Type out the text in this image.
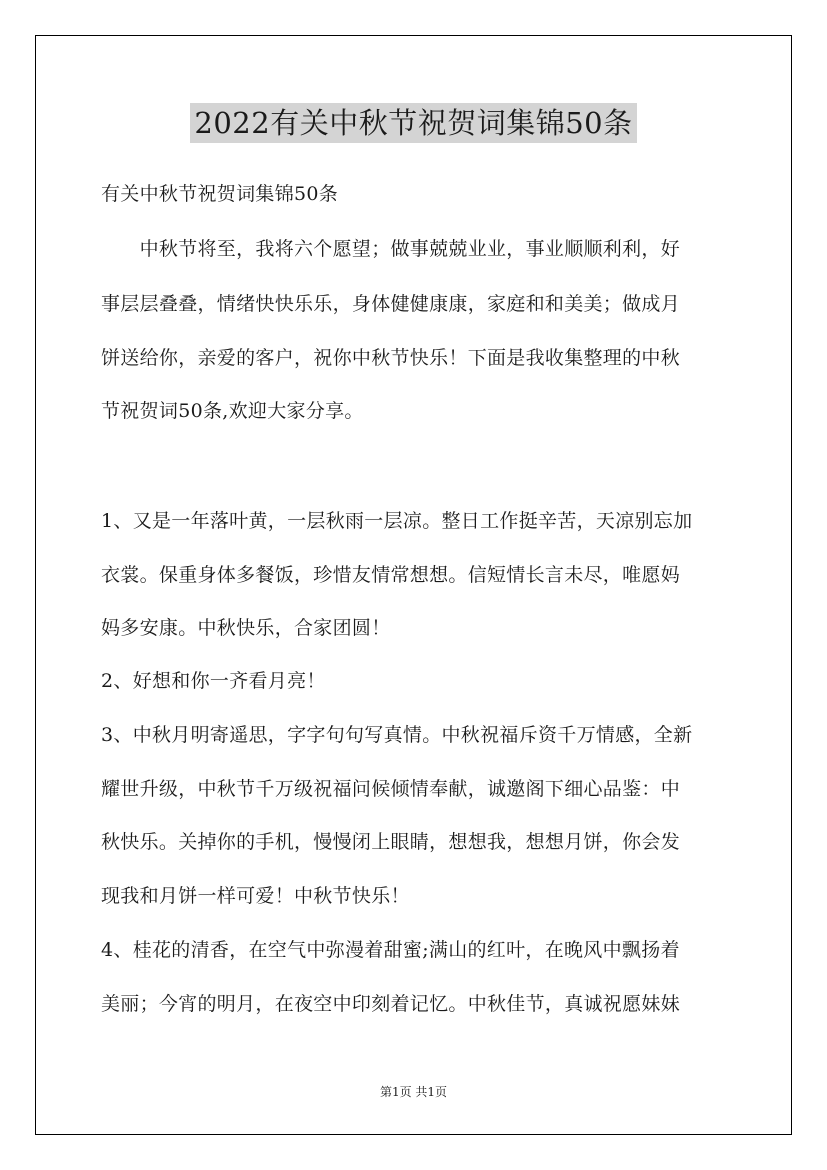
2022有关中秋节祝贺词集锦50条
有关中秋节祝贺词集锦50条
　　中秋节将至，我将六个愿望；做事兢兢业业，事业顺顺利利，好
事层层叠叠，情绪快快乐乐，身体健健康康，家庭和和美美；做成月
饼送给你，亲爱的客户，祝你中秋节快乐！下面是我收集整理的中秋
节祝贺词50条,欢迎大家分享。
1、又是一年落叶黄，一层秋雨一层凉。整日工作挺辛苦，天凉别忘加
衣裳。保重身体多餐饭，珍惜友情常想想。信短情长言未尽，唯愿妈
妈多安康。中秋快乐，合家团圆！
2、好想和你一齐看月亮！
3、中秋月明寄遥思，字字句句写真情。中秋祝福斥资千万情感，全新
耀世升级，中秋节千万级祝福问候倾情奉献，诚邀阁下细心品鉴：中
秋快乐。关掉你的手机，慢慢闭上眼睛，想想我，想想月饼，你会发
现我和月饼一样可爱！中秋节快乐！
4、桂花的清香，在空气中弥漫着甜蜜;满山的红叶，在晚风中飘扬着
美丽；今宵的明月，在夜空中印刻着记忆。中秋佳节，真诚祝愿妹妹
第1页 共1页
